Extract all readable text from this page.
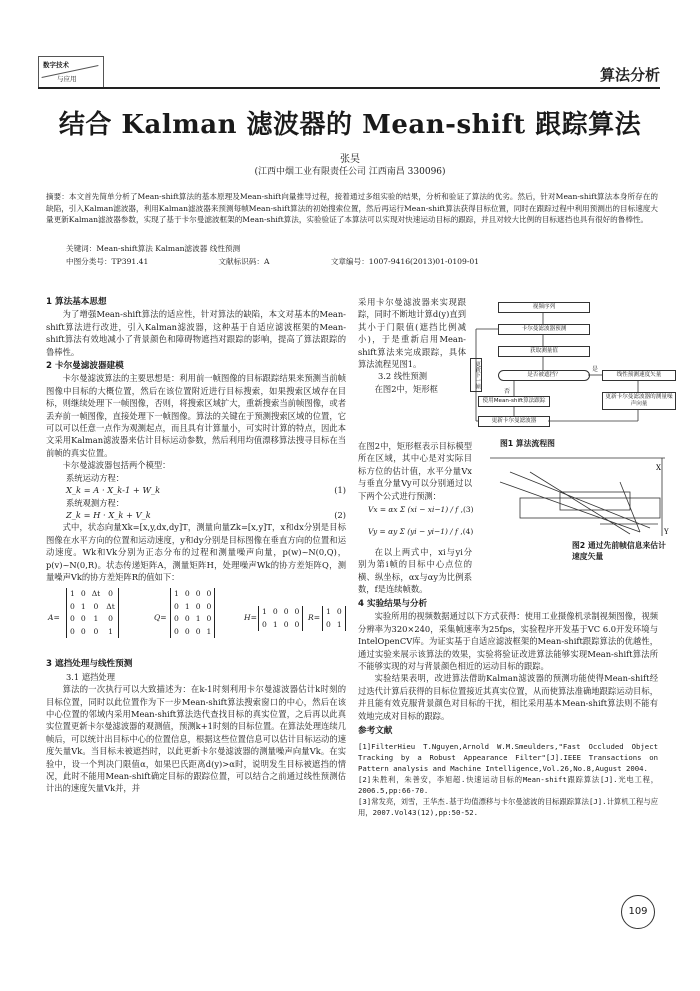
数字技术
与应用	算法分析
结合 Kalman 滤波器的 Mean-shift 跟踪算法
张昊
(江西中烟工业有限责任公司 江西南昌 330096)
摘要：本文首先简单分析了Mean-shift算法的基本原理及Mean-shift向量推导过程，接着通过多组实验的结果，分析和验证了算法的优劣。然后，针对Mean-shift算法本身所存在的缺陷，引入Kalman滤波器，利用Kalman滤波器来预测每帧Mean-shift算法的初始搜索位置，然后再运行Mean-shift算法获得目标位置，同时在跟踪过程中利用预测出的目标速度大量更新Kalman滤波器参数，实现了基于卡尔曼滤波框架的Mean-shift算法，实验验证了本算法可以实现对快速运动目标的跟踪，并且对较大比例的目标遮挡也具有很好的鲁棒性。
关键词：Mean-shift算法 Kalman滤波器 线性预测
中图分类号：TP391.41	文献标识码：A	文章编号：1007-9416(2013)01-0109-01
1 算法基本思想
为了增强Mean-shift算法的适应性，针对算法的缺陷，本文对基本的Mean-shift算法进行改进，引入Kalman滤波器，这种基于自适应滤波框架的Mean-shift算法有效地减小了背景颜色和障碍物遮挡对跟踪的影响，提高了算法跟踪的鲁棒性。
2 卡尔曼滤波器建模
卡尔曼滤波算法的主要思想是：利用前一帧图像的目标跟踪结果来预测当前帧图像中目标的大概位置，然后在该位置附近进行目标搜索，如果搜索区域存在目标，则继续处理下一帧图像，否则，将搜索区域扩大，重新搜索当前帧图像，或者丢弃前一帧图像，直接处理下一帧图像。算法的关键在于预测搜索区域的位置，它可以可以任意一点作为观测起点，而且具有计算量小，可实时计算的特点，因此本文采用Kalman滤波器来估计目标运动参数，然后利用均值漂移算法搜寻目标在当前帧的真实位置。
卡尔曼滤波器包括两个模型：
系统运动方程：
X_k = A · X_k-1 + W_k	(1)
系统观测方程：
Z_k = H · X_k + V_k	(2)
式中，状态向量Xk=[x,y,dx,dy]T，测量向量Zk=[x,y]T，x和dx分别是目标图像在水平方向的位置和运动速度，y和dy分别是目标图像在垂直方向的位置和运动速度。Wk和Vk分别为正态分布的过程和测量噪声向量，p(w)~N(0,Q)，p(v)~N(0,R)。状态传递矩阵A，测量矩阵H，处理噪声Wk的协方差矩阵Q，测量噪声Vk的协方差矩阵R的值如下：
A=
1	0	Δt	0
0	1	0	Δt
0	0	1	0
0	0	0	1
Q=
1	0	0	0
0	1	0	0
0	0	1	0
0	0	0	1
H=
1	0	0	0
0	1	0	0
R=
1	0
0	1
3 遮挡处理与线性预测
3.1 遮挡处理
算法的一次执行可以大致描述为：在k-1时刻利用卡尔曼滤波器估计k时刻的目标位置，同时以此位置作为下一步Mean-shift算法搜索窗口的中心，然后在该中心位置的邻域内采用Mean-shift算法迭代查找目标的真实位置，之后再以此真实位置更新卡尔曼滤波器的观测值，预测k+1时刻的目标位置。在算法处理连续几帧后，可以统计出目标中心的位置信息，根据这些位置信息可以估计目标运动的速度矢量Vk。当目标未被遮挡时，以此更新卡尔曼滤波器的测量噪声向量Vk。在实验中，设一个判决门限值α，如果巴氏距离d(y)>α时，说明发生目标被遮挡的情况，此时不能用Mean-shift确定目标的跟踪位置，可以结合之前通过线性预测估计出的速度矢量Vk并，并
采用卡尔曼滤波器来实现跟踪，同时不断地计算d(y)直到其小于门限值(遮挡比例减小)，于是重新启用Mean-shift算法来完成跟踪，具体算法流程见图1。
3.2 线性预测
在图2中，矩形框
在图2中，矩形框表示目标模型所在区域，其中心是对实际目标方位的估计值，水平分量Vx与垂直分量Vy可以分别通过以下两个公式进行预测：
视频序列
卡尔曼滤波器预测
获取测量值
是否被遮挡？	线性预测速度矢量
使用Mean-shift算法跟踪
更新卡尔曼滤波器的测量噪声向量
更新卡尔曼滤波器
更新下一帧	是
否
图1 算法流程图
X
Y
Vx = αx Σ (xi − xi−1) / f ,(3)
Vy = αy Σ (yi − yi−1) / f ,(4)
在以上两式中，xi与yi分别为第i帧的目标中心点位的横、纵坐标，αx与αy为比例系数，f是连续帧数。
图2 通过先前帧信息来估计速度矢量
4 实验结果与分析
实验所用的视频数据通过以下方式获得：使用工业摄像机录制视频图像，视频分辨率为320×240，采集帧速率为25fps，实验程序开发基于VC 6.0开发环境与IntelOpenCV库。为证实基于自适应滤波框架的Mean-shift跟踪算法的优越性，通过实验来展示该算法的效果，实验将验证改进算法能够实现Mean-shift算法所不能够实现的对与背景颜色相近的运动目标的跟踪。
实验结果表明，改进算法借助Kalman滤波器的预测功能使得Mean-shift经过迭代计算后获得的目标位置接近其真实位置，从而使算法准确地跟踪运动目标，并且能有效克服背景颜色对目标的干扰，相比采用基本Mean-shift算法则不能有效地完成对目标的跟踪。
参考文献
[1]FilterHieu T.Nguyen,Arnold W.M.Smeulders,"Fast Occluded Object Tracking by a Robust Appearance Filter"[J].IEEE Transactions on Pattern analysis and Machine Intelligence,Vol.26,No.8,August 2004.
[2]朱胜利，朱善安，李旭超.快速运动目标的Mean-shift跟踪算法[J].光电工程，2006.5,pp:66-70.
[3]常发亮，刘雪，王华杰.基于均值漂移与卡尔曼滤波的目标跟踪算法[J].计算机工程与应用，2007.Vol43(12),pp:50-52.
109
